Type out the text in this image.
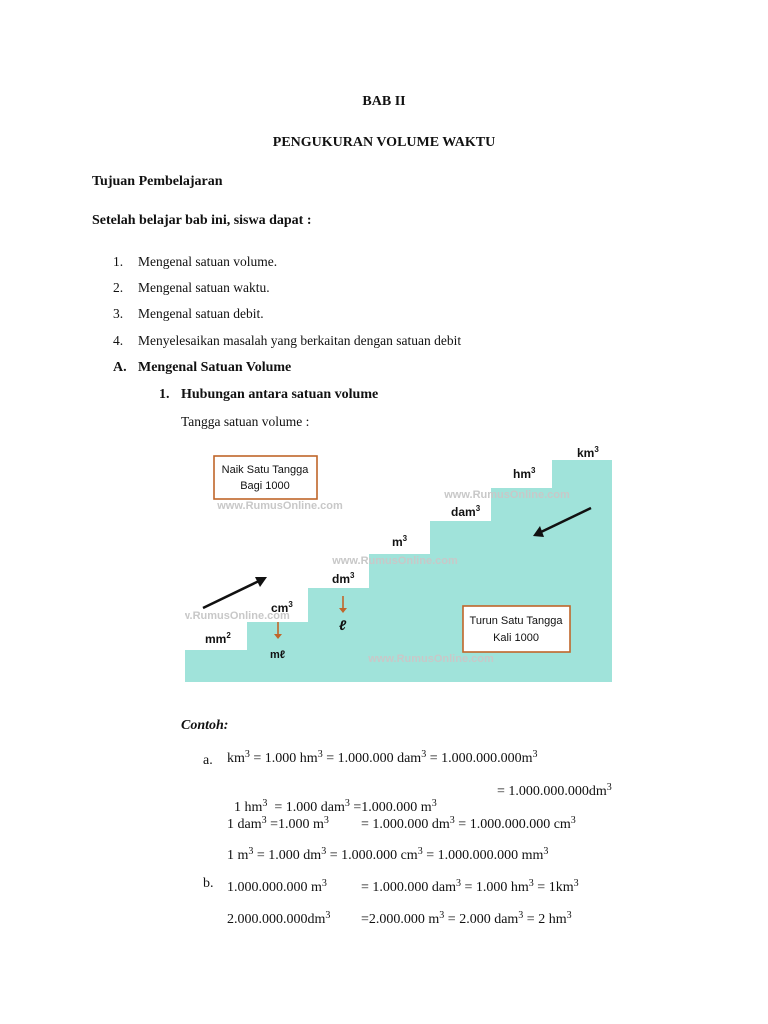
BAB II
PENGUKURAN VOLUME WAKTU
Tujuan Pembelajaran
Setelah belajar bab ini, siswa dapat :
1. Mengenal satuan volume.
2. Mengenal satuan waktu.
3. Mengenal satuan debit.
4. Menyelesaikan masalah yang berkaitan dengan satuan debit
A. Mengenal Satuan Volume
1. Hubungan antara satuan volume
Tangga satuan volume :
www.RumusOnline.com
www.RumusOnline.com
www.RumusOnline.com
w.RumusOnline.com
www.RumusOnline.com
Naik Satu Tangga
Bagi 1000
Turun Satu Tangga
Kali 1000
$mm^2$
$cm^3$
$dm^3$
$m^3$
dam$^3$
$hm^3$
$km^3$
mℓ
ℓ
Contoh:
a. $km^3 = 1.000$ $hm^3 = 1.000.000$ $dam^3 = 1.000.000.000m^3$

1 $hm^3 = 1.000$ dam$^3$ =1.000.000 $m^3$

= $1.000.000.000dm^3$
1 dam$^3$ =1.000 $m^3 = 1.000.000$ $dm^3 = 1.000.000.000$ $cm^3$
1 $m^3 = 1.000$ $dm^3 = 1.000.000$ $cm^3 = 1.000.000.000$ $mm^3$
b. 1.000.000.000 $m^3 = 1.000.000$ dam$^3$ = 1.000 $hm^3 = 1km^3$
$2.000.000.000dm^3 =2.000.000$ $m^3 = 2.000$ dam$^3$ = 2 $hm^3$
